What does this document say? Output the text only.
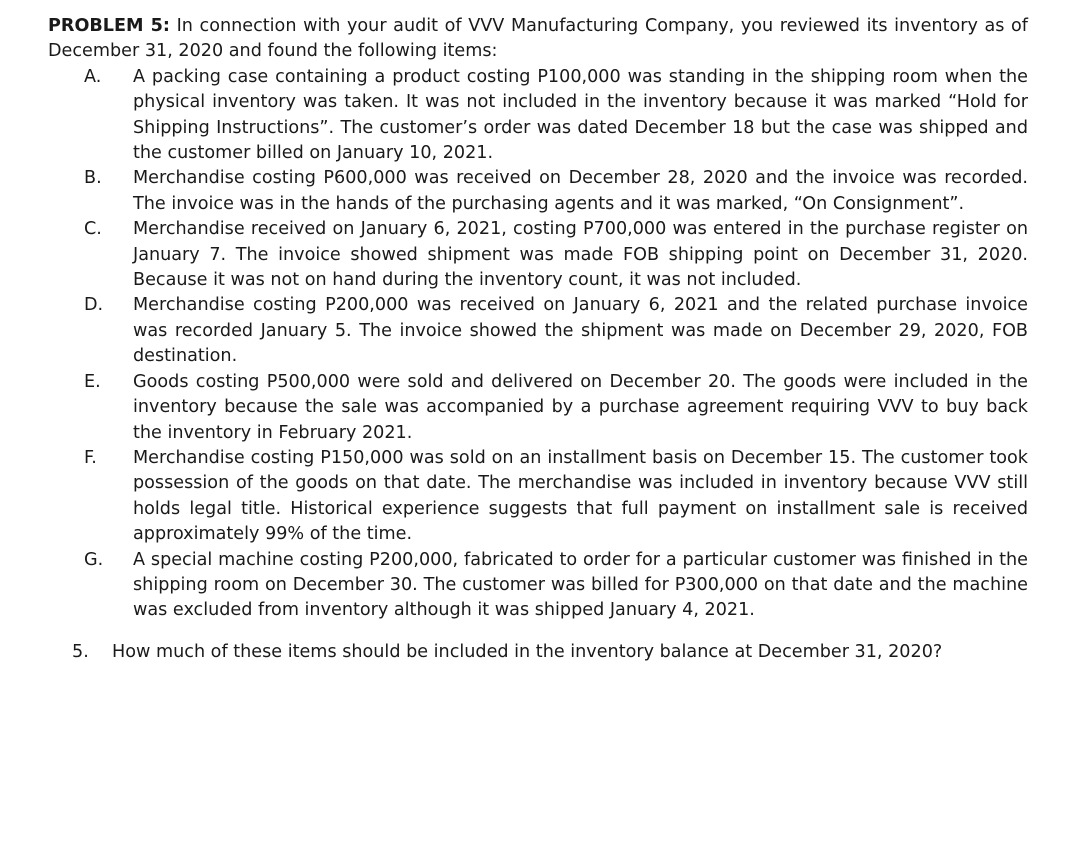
PROBLEM 5: In connection with your audit of VVV Manufacturing Company, you reviewed its inventory as of December 31, 2020 and found the following items:

A. A packing case containing a product costing P100,000 was standing in the shipping room when the physical inventory was taken. It was not included in the inventory because it was marked “Hold for Shipping Instructions”. The customer’s order was dated December 18 but the case was shipped and the customer billed on January 10, 2021.
B. Merchandise costing P600,000 was received on December 28, 2020 and the invoice was recorded. The invoice was in the hands of the purchasing agents and it was marked, “On Consignment”.
C. Merchandise received on January 6, 2021, costing P700,000 was entered in the purchase register on January 7. The invoice showed shipment was made FOB shipping point on December 31, 2020. Because it was not on hand during the inventory count, it was not included.
D. Merchandise costing P200,000 was received on January 6, 2021 and the related purchase invoice was recorded January 5. The invoice showed the shipment was made on December 29, 2020, FOB destination.
E. Goods costing P500,000 were sold and delivered on December 20. The goods were included in the inventory because the sale was accompanied by a purchase agreement requiring VVV to buy back the inventory in February 2021.
F. Merchandise costing P150,000 was sold on an installment basis on December 15. The customer took possession of the goods on that date. The merchandise was included in inventory because VVV still holds legal title. Historical experience suggests that full payment on installment sale is received approximately 99% of the time.
G. A special machine costing P200,000, fabricated to order for a particular customer was finished in the shipping room on December 30. The customer was billed for P300,000 on that date and the machine was excluded from inventory although it was shipped January 4, 2021.
5. How much of these items should be included in the inventory balance at December 31, 2020?
